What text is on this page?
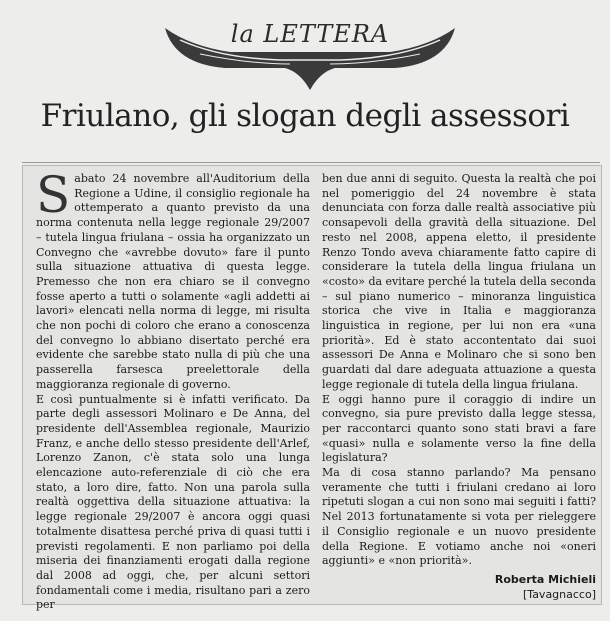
la LETTERA
Friulano, gli slogan degli assessori
S abato 24 novembre all'Auditorium della Regione a Udine, il consiglio regionale ha ottemperato a quanto previsto da una norma contenuta nella legge regionale 29/2007 – tutela lingua friulana – ossia ha organizzato un Convegno che «avrebbe dovuto» fare il punto sulla situazione attuativa di questa legge. Premesso che non era chiaro se il convegno fosse aperto a tutti o solamente «agli addetti ai lavori» elencati nella norma di legge, mi risulta che non pochi di coloro che erano a conoscenza del convegno lo abbiano disertato perché era evidente che sarebbe stato nulla di più che una passerella farsesca preelettorale della maggioranza regionale di governo.

E così puntualmente si è infatti verificato. Da parte degli assessori Molinaro e De Anna, del presidente dell'Assemblea regionale, Maurizio Franz, e anche dello stesso presidente dell'Arlef, Lorenzo Zanon, c'è stata solo una lunga elencazione auto-referenziale di ciò che era stato, a loro dire, fatto. Non una parola sulla realtà oggettiva della situazione attuativa: la legge regionale 29/2007 è ancora oggi quasi totalmente disattesa perché priva di quasi tutti i previsti regolamenti. E non parliamo poi della miseria dei finanziamenti erogati dalla regione dal 2008 ad oggi, che, per alcuni settori fondamentali come i media, risultano pari a zero per

ben due anni di seguito. Questa la realtà che poi nel pomeriggio del 24 novembre è stata denunciata con forza dalle realtà associative più consapevoli della gravità della situazione. Del resto nel 2008, appena eletto, il presidente Renzo Tondo aveva chiaramente fatto capire di considerare la tutela della lingua friulana un «costo» da evitare perché la tutela della seconda – sul piano numerico – minoranza linguistica storica che vive in Italia e maggioranza linguistica in regione, per lui non era «una priorità». Ed è stato accontentato dai suoi assessori De Anna e Molinaro che si sono ben guardati dal dare adeguata attuazione a questa legge regionale di tutela della lingua friulana.

E oggi hanno pure il coraggio di indire un convegno, sia pure previsto dalla legge stessa, per raccontarci quanto sono stati bravi a fare «quasi» nulla e solamente verso la fine della legislatura?

Ma di cosa stanno parlando? Ma pensano veramente che tutti i friulani credano ai loro ripetuti slogan a cui non sono mai seguiti i fatti? Nel 2013 fortunatamente si vota per rieleggere il Consiglio regionale e un nuovo presidente della Regione. E votiamo anche noi «oneri aggiunti» e «non priorità».

Roberta Michieli
[Tavagnacco]
